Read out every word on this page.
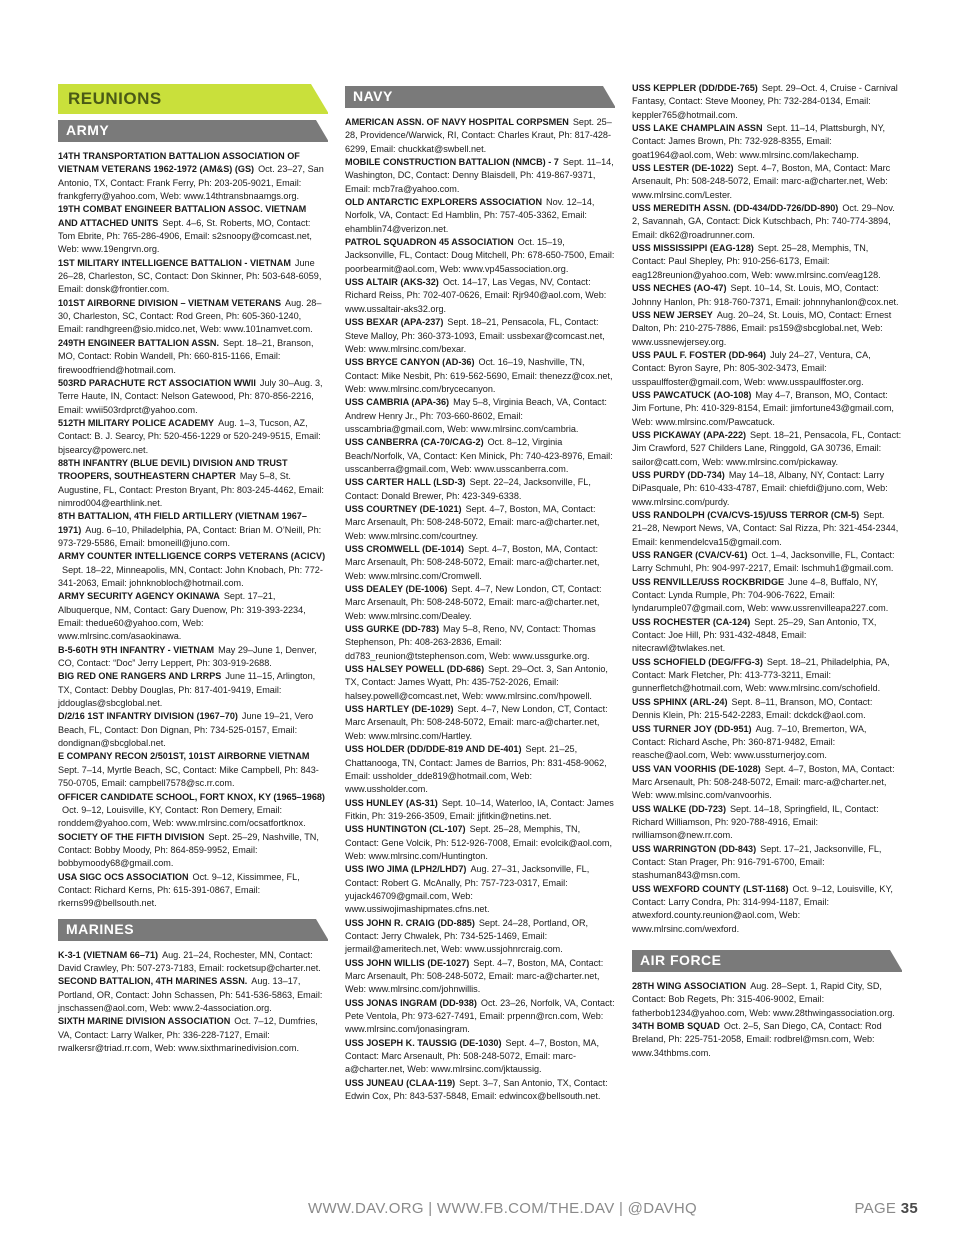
REUNIONS
ARMY

14TH TRANSPORTATION BATTALION ASSOCIATION OF VIETNAM VETERANS 1962-1972 (AM&S) (GS) Oct. 23–27, San Antonio, TX, Contact: Frank Ferry, Ph: 203-205-9021, Email: frankgferry@yahoo.com, Web: www.14thtransbnaamgs.org.

19TH COMBAT ENGINEER BATTALION ASSOC. VIETNAM AND ATTACHED UNITS Sept. 4–6, St. Roberts, MO, Contact: Tom Ebrite, Ph: 765-286-4906, Email: s2snoopy@comcast.net, Web: www.19engrvn.org.

1ST MILITARY INTELLIGENCE BATTALION - VIETNAM June 26–28, Charleston, SC, Contact: Don Skinner, Ph: 503-648-6059, Email: donsk@frontier.com.

101ST AIRBORNE DIVISION – VIETNAM VETERANS Aug. 28–30, Charleston, SC, Contact: Rod Green, Ph: 605-360-1240, Email: randhgreen@sio.midco.net, Web: www.101namvet.com.

249TH ENGINEER BATTALION ASSN. Sept. 18–21, Branson, MO, Contact: Robin Wandell, Ph: 660-815-1166, Email: firewoodfriend@hotmail.com.

503RD PARACHUTE RCT ASSOCIATION WWII July 30–Aug. 3, Terre Haute, IN, Contact: Nelson Gatewood, Ph: 870-856-2216, Email: wwii503rdprct@yahoo.com.

512TH MILITARY POLICE ACADEMY Aug. 1–3, Tucson, AZ, Contact: B. J. Searcy, Ph: 520-456-1229 or 520-249-9515, Email: bjsearcy@powerc.net.

88TH INFANTRY (BLUE DEVIL) DIVISION AND TRUST TROOPERS, SOUTHEASTERN CHAPTER May 5–8, St. Augustine, FL, Contact: Preston Bryant, Ph: 803-245-4462, Email: nimrod004@earthlink.net.

8TH BATTALION, 4TH FIELD ARTILLERY (VIETNAM 1967–1971) Aug. 6–10, Philadelphia, PA, Contact: Brian M. O’Neill, Ph: 973-729-5586, Email: bmoneill@juno.com.

ARMY COUNTER INTELLIGENCE CORPS VETERANS (ACICV)Sept. 18–22, Minneapolis, MN, Contact: John Knobach, Ph: 772-341-2063, Email: johnknobloch@hotmail.com.

ARMY SECURITY AGENCY OKINAWA Sept. 17–21, Albuquerque, NM, Contact: Gary Duenow, Ph: 319-393-2234, Email: thedue60@yahoo.com, Web: www.mlrsinc.com/asaokinawa.

B-5-60TH 9TH INFANTRY - VIETNAM May 29–June 1, Denver, CO, Contact: “Doc” Jerry Leppert, Ph: 303-919-2688.

BIG RED ONE RANGERS AND LRRPS June 11–15, Arlington, TX, Contact: Debby Douglas, Ph: 817-401-9419, Email: jddouglas@sbcglobal.net.

D/2/16 1ST INFANTRY DIVISION (1967–70) June 19–21, Vero Beach, FL, Contact: Don Dignan, Ph: 734-525-0157, Email: dondignan@sbcglobal.net.

E COMPANY RECON 2/501ST, 101ST AIRBORNE VIETNAMSept. 7–14, Myrtle Beach, SC, Contact: Mike Campbell, Ph: 843-750-0705, Email: campbell7578@sc.rr.com.

OFFICER CANDIDATE SCHOOL, FORT KNOX, KY (1965–1968)Oct. 9–12, Louisville, KY, Contact: Ron Demery, Email: ronddem@yahoo.com, Web: www.mlrsinc.com/ocsatfortknox.

SOCIETY OF THE FIFTH DIVISION Sept. 25–29, Nashville, TN, Contact: Bobby Moody, Ph: 864-859-9952, Email: bobbymoody68@gmail.com.

USA SIGC OCS ASSOCIATION Oct. 9–12, Kissimmee, FL, Contact: Richard Kerns, Ph: 615-391-0867, Email: rkerns99@bellsouth.net.

MARINES

K-3-1 (VIETNAM 66–71) Aug. 21–24, Rochester, MN, Contact: David Crawley, Ph: 507-273-7183, Email: rocketsup@charter.net.

SECOND BATTALION, 4TH MARINES ASSN. Aug. 13–17, Portland, OR, Contact: John Schassen, Ph: 541-536-5863, Email: jnschassen@aol.com, Web: www.2-4association.org.

SIXTH MARINE DIVISION ASSOCIATION Oct. 7–12, Dumfries, VA, Contact: Larry Walker, Ph: 336-228-7127, Email: rwalkersr@triad.rr.com, Web: www.sixthmarinedivision.com.

NAVY

AMERICAN ASSN. OF NAVY HOSPITAL CORPSMEN Sept. 25–28, Providence/Warwick, RI, Contact: Charles Kraut, Ph: 817-428-6299, Email: chuckkat@swbell.net.

MOBILE CONSTRUCTION BATTALION (NMCB) - 7 Sept. 11–14, Washington, DC, Contact: Denny Blaisdell, Ph: 419-867-9371, Email: mcb7ra@yahoo.com.

OLD ANTARCTIC EXPLORERS ASSOCIATION Nov. 12–14, Norfolk, VA, Contact: Ed Hamblin, Ph: 757-405-3362, Email: ehamblin74@verizon.net.

PATROL SQUADRON 45 ASSOCIATION Oct. 15–19, Jacksonville, FL, Contact: Doug Mitchell, Ph: 678-650-7500, Email: poorbearmit@aol.com, Web: www.vp45association.org.

USS ALTAIR (AKS-32) Oct. 14–17, Las Vegas, NV, Contact: Richard Reiss, Ph: 702-407-0626, Email: Rjr940@aol.com, Web: www.ussaltair-aks32.org.

USS BEXAR (APA-237) Sept. 18–21, Pensacola, FL, Contact: Steve Malloy, Ph: 360-373-1093, Email: ussbexar@comcast.net, Web: www.mlrsinc.com/bexar.

USS BRYCE CANYON (AD-36) Oct. 16–19, Nashville, TN, Contact: Mike Nesbit, Ph: 619-562-5690, Email: thenezz@cox.net, Web: www.mlrsinc.com/brycecanyon.

USS CAMBRIA (APA-36) May 5–8, Virginia Beach, VA, Contact: Andrew Henry Jr., Ph: 703-660-8602, Email: usscambria@gmail.com, Web: www.mlrsinc.com/cambria.

USS CANBERRA (CA-70/CAG-2) Oct. 8–12, Virginia Beach/Norfolk, VA, Contact: Ken Minick, Ph: 740-423-8976, Email: usscanberra@gmail.com, Web: www.usscanberra.com.

USS CARTER HALL (LSD-3) Sept. 22–24, Jacksonville, FL, Contact: Donald Brewer, Ph: 423-349-6338.

USS COURTNEY (DE-1021) Sept. 4–7, Boston, MA, Contact: Marc Arsenault, Ph: 508-248-5072, Email: marc-a@charter.net, Web: www.mlrsinc.com/courtney.

USS CROMWELL (DE-1014) Sept. 4–7, Boston, MA, Contact: Marc Arsenault, Ph: 508-248-5072, Email: marc-a@charter.net, Web: www.mlrsinc.com/Cromwell.

USS DEALEY (DE-1006) Sept. 4–7, New London, CT, Contact: Marc Arsenault, Ph: 508-248-5072, Email: marc-a@charter.net, Web: www.mlrsinc.com/Dealey.

USS GURKE (DD-783) May 5–8, Reno, NV, Contact: Thomas Stephenson, Ph: 408-263-2836, Email: dd783_reunion@tstephenson.com, Web: www.ussgurke.org.

USS HALSEY POWELL (DD-686) Sept. 29–Oct. 3, San Antonio, TX, Contact: James Wyatt, Ph: 435-752-2026, Email: halsey.powell@comcast.net, Web: www.mlrsinc.com/hpowell.

USS HARTLEY (DE-1029) Sept. 4–7, New London, CT, Contact: Marc Arsenault, Ph: 508-248-5072, Email: marc-a@charter.net, Web: www.mlrsinc.com/Hartley.

USS HOLDER (DD/DDE-819 AND DE-401) Sept. 21–25, Chattanooga, TN, Contact: James de Barrios, Ph: 831-458-9062, Email: ussholder_dde819@hotmail.com, Web: www.ussholder.com.

USS HUNLEY (AS-31) Sept. 10–14, Waterloo, IA, Contact: James Fitkin, Ph: 319-266-3509, Email: jjfitkin@netins.net.

USS HUNTINGTON (CL-107) Sept. 25–28, Memphis, TN, Contact: Gene Volcik, Ph: 512-926-7008, Email: evolcik@aol.com, Web: www.mlrsinc.com/Huntington.

USS IWO JIMA (LPH2/LHD7) Aug. 27–31, Jacksonville, FL, Contact: Robert G. McAnally, Ph: 757-723-0317, Email: yujack46709@gmail.com, Web: www.ussiwojimashipmates.cfns.net.

USS JOHN R. CRAIG (DD-885) Sept. 24–28, Portland, OR, Contact: Jerry Chwalek, Ph: 734-525-1469, Email: jermail@ameritech.net, Web: www.ussjohnrcraig.com.

USS JOHN WILLIS (DE-1027) Sept. 4–7, Boston, MA, Contact: Marc Arsenault, Ph: 508-248-5072, Email: marc-a@charter.net, Web: www.mlrsinc.com/johnwillis.

USS JONAS INGRAM (DD-938) Oct. 23–26, Norfolk, VA, Contact: Pete Ventola, Ph: 973-627-7491, Email: prpenn@rcn.com, Web: www.mlrsinc.com/jonasingram.

USS JOSEPH K. TAUSSIG (DE-1030) Sept. 4–7, Boston, MA, Contact: Marc Arsenault, Ph: 508-248-5072, Email: marc-a@charter.net, Web: www.mlrsinc.com/jktaussig.

USS JUNEAU (CLAA-119) Sept. 3–7, San Antonio, TX, Contact: Edwin Cox, Ph: 843-537-5848, Email: edwincox@bellsouth.net.

USS KEPPLER (DD/DDE-765) Sept. 29–Oct. 4, Cruise - Carnival Fantasy, Contact: Steve Mooney, Ph: 732-284-0134, Email: keppler765@hotmail.com.

USS LAKE CHAMPLAIN ASSN Sept. 11–14, Plattsburgh, NY, Contact: James Brown, Ph: 732-928-8355, Email: goat1964@aol.com, Web: www.mlrsinc.com/lakechamp.

USS LESTER (DE-1022) Sept. 4–7, Boston, MA, Contact: Marc Arsenault, Ph: 508-248-5072, Email: marc-a@charter.net, Web: www.mlrsinc.com/Lester.

USS MEREDITH ASSN. (DD-434/DD-726/DD-890) Oct. 29–Nov. 2, Savannah, GA, Contact: Dick Kutschbach, Ph: 740-774-3894, Email: dk62@roadrunner.com.

USS MISSISSIPPI (EAG-128) Sept. 25–28, Memphis, TN, Contact: Paul Shepley, Ph: 910-256-6173, Email: eag128reunion@yahoo.com, Web: www.mlrsinc.com/eag128.

USS NECHES (AO-47) Sept. 10–14, St. Louis, MO, Contact: Johnny Hanlon, Ph: 918-760-7371, Email: johnnyhanlon@cox.net.

USS NEW JERSEY Aug. 20–24, St. Louis, MO, Contact: Ernest Dalton, Ph: 210-275-7886, Email: ps159@sbcglobal.net, Web: www.ussnewjersey.org.

USS PAUL F. FOSTER (DD-964) July 24–27, Ventura, CA, Contact: Byron Sayre, Ph: 805-302-3473, Email: usspaulffoster@gmail.com, Web: www.usspaulffoster.org.

USS PAWCATUCK (AO-108) May 4–7, Branson, MO, Contact: Jim Fortune, Ph: 410-329-8154, Email: jimfortune43@gmail.com, Web: www.mlrsinc.com/Pawcatuck.

USS PICKAWAY (APA-222) Sept. 18–21, Pensacola, FL, Contact: Jim Crawford, 527 Childers Lane, Ringgold, GA 30736, Email: sailor@catt.com, Web: www.mlrsinc.com/pickaway.

USS PURDY (DD-734) May 14–18, Albany, NY, Contact: Larry DiPasquale, Ph: 610-433-4787, Email: chiefdi@juno.com, Web: www.mlrsinc.com/purdy.

USS RANDOLPH (CVA/CVS-15)/USS TERROR (CM-5) Sept. 21–28, Newport News, VA, Contact: Sal Rizza, Ph: 321-454-2344, Email: kenmendelcva15@gmail.com.

USS RANGER (CVA/CV-61) Oct. 1–4, Jacksonville, FL, Contact: Larry Schmuhl, Ph: 904-997-2217, Email: lschmuh1@gmail.com.

USS RENVILLE/USS ROCKBRIDGE June 4–8, Buffalo, NY, Contact: Lynda Rumple, Ph: 704-906-7622, Email: lyndarumple07@gmail.com, Web: www.ussrenvilleapa227.com.

USS ROCHESTER (CA-124) Sept. 25–29, San Antonio, TX, Contact: Joe Hill, Ph: 931-432-4848, Email: nitecrawl@twlakes.net.

USS SCHOFIELD (DEG/FFG-3) Sept. 18–21, Philadelphia, PA, Contact: Mark Fletcher, Ph: 413-773-3211, Email: gunnerfletch@hotmail.com, Web: www.mlrsinc.com/schofield.

USS SPHINX (ARL-24) Sept. 8–11, Branson, MO, Contact: Dennis Klein, Ph: 215-542-2283, Email: dckdck@aol.com.

USS TURNER JOY (DD-951) Aug. 7–10, Bremerton, WA, Contact: Richard Asche, Ph: 360-871-9482, Email: reasche@aol.com, Web: www.ussturnerjoy.com.

USS VAN VOORHIS (DE-1028) Sept. 4–7, Boston, MA, Contact: Marc Arsenault, Ph: 508-248-5072, Email: marc-a@charter.net, Web: www.mlsinc.com/vanvoorhis.

USS WALKE (DD-723) Sept. 14–18, Springfield, IL, Contact: Richard Williamson, Ph: 920-788-4916, Email: rwilliamson@new.rr.com.

USS WARRINGTON (DD-843) Sept. 17–21, Jacksonville, FL, Contact: Stan Prager, Ph: 916-791-6700, Email: stashuman843@msn.com.

USS WEXFORD COUNTY (LST-1168) Oct. 9–12, Louisville, KY, Contact: Larry Condra, Ph: 314-994-1187, Email: atwexford.county.reunion@aol.com, Web: www.mlrsinc.com/wexford.

AIR FORCE

28TH WING ASSOCIATION Aug. 28–Sept. 1, Rapid City, SD, Contact: Bob Regets, Ph: 315-406-9002, Email: fatherbob1234@yahoo.com, Web: www.28thwingassociation.org.

34TH BOMB SQUAD Oct. 2–5, San Diego, CA, Contact: Rod Breland, Ph: 225-751-2058, Email: rodbrel@msn.com, Web: www.34thbms.com.

WWW.DAV.ORG | WWW.FB.COM/THE.DAV | @DAVHQ	PAGE 35
